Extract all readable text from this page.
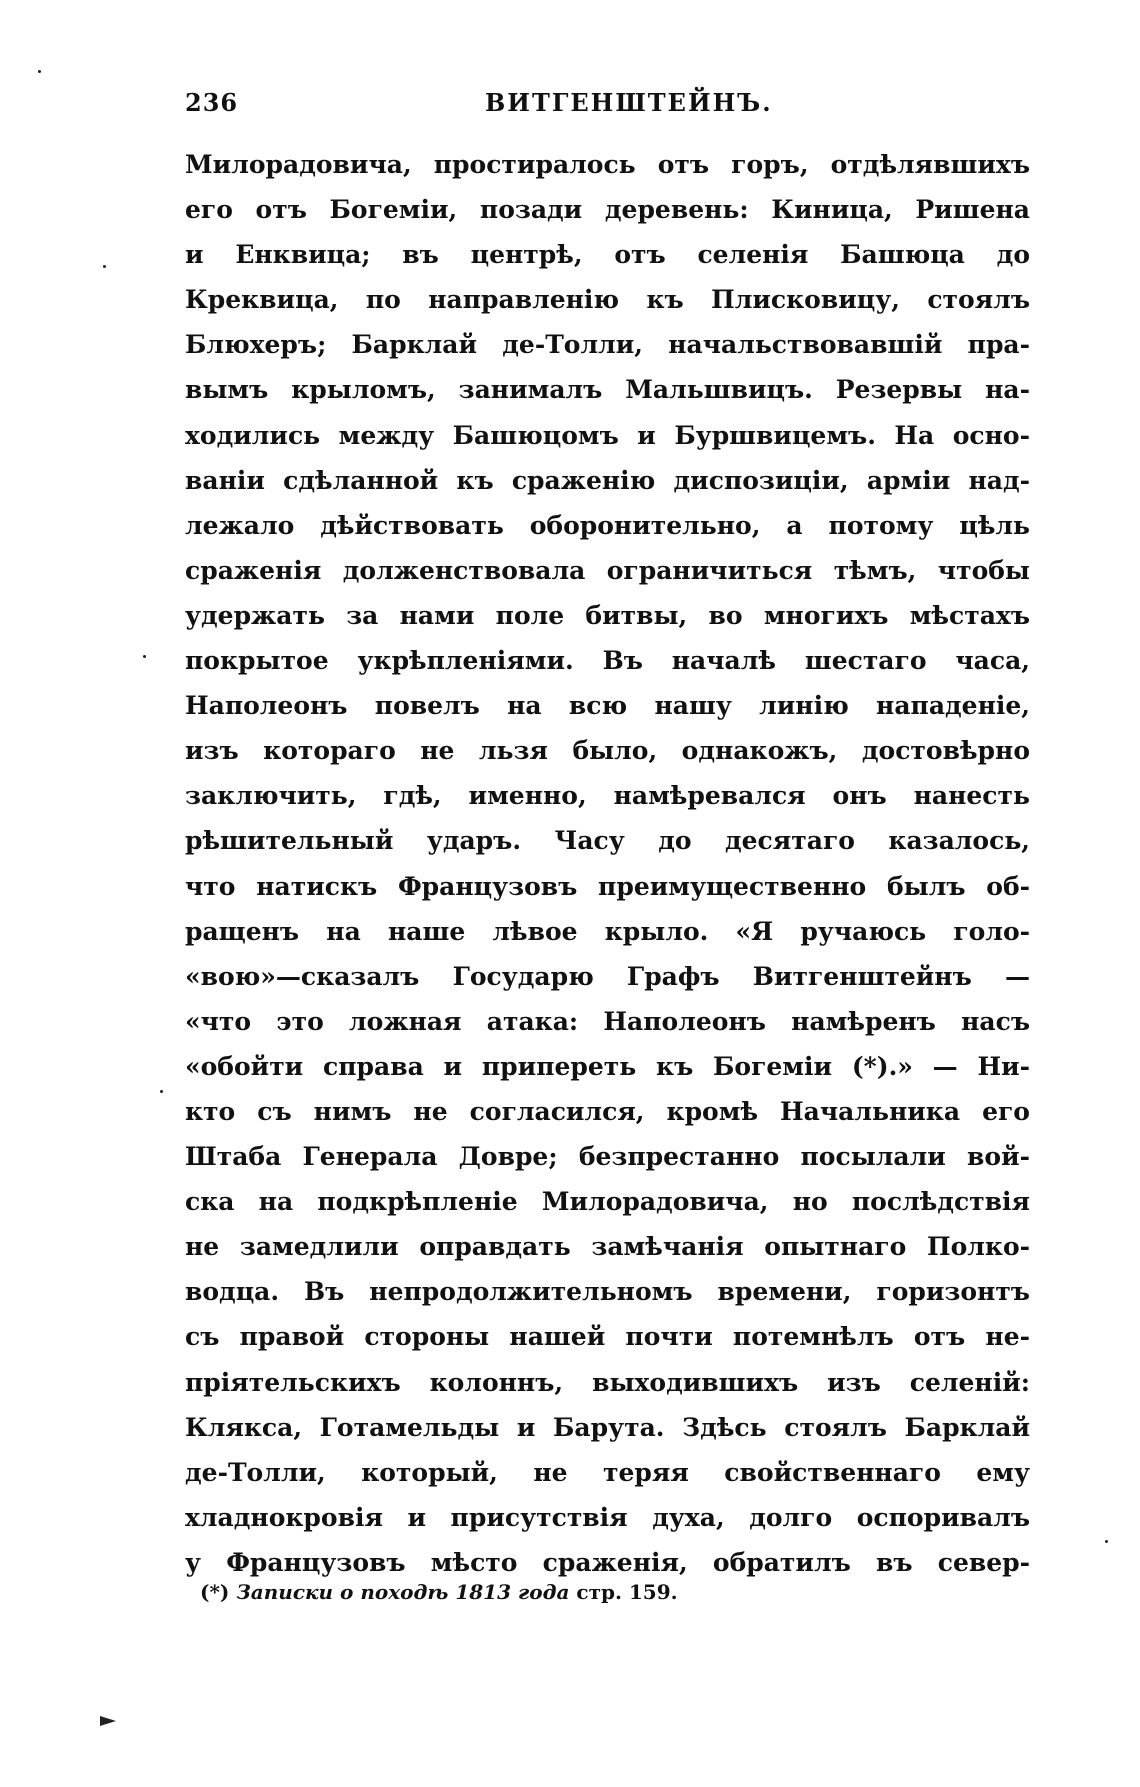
236	ВИТГЕНШТЕЙНЪ.
Милорадовича, простиралось отъ горъ, отдѣлявшихъ
его отъ Богеміи, позади деревень: Киница, Ришена
и Енквица; въ центрѣ, отъ селенія Башюца до
Креквица, по направленію къ Плисковицу, стоялъ
Блюхеръ; Барклай де-Толли, начальствовавшій пра-
вымъ крыломъ, занималъ Мальшвицъ. Резервы на-
ходились между Башюцомъ и Буршвицемъ. На осно-
ваніи сдѣланной къ сраженію диспозиціи, арміи над-
лежало дѣйствовать оборонительно, а потому цѣль
сраженія долженствовала ограничиться тѣмъ, чтобы
удержать за нами поле битвы, во многихъ мѣстахъ
покрытое укрѣпленіями. Въ началѣ шестаго часа,
Наполеонъ повелъ на всю нашу линію нападеніе,
изъ котораго не льзя было, однакожъ, достовѣрно
заключить, гдѣ, именно, намѣревался онъ нанесть
рѣшительный ударъ. Часу до десятаго казалось,
что натискъ Французовъ преимущественно былъ об-
ращенъ на наше лѣвое крыло. «Я ручаюсь голо-
«вою»—сказалъ Государю Графъ Витгенштейнъ —
«что это ложная атака: Наполеонъ намѣренъ насъ
«обойти справа и припереть къ Богеміи (*).» — Ни-
кто съ нимъ не согласился, кромѣ Начальника его
Штаба Генерала Довре; безпрестанно посылали вой-
ска на подкрѣпленіе Милорадовича, но послѣдствія
не замедлили оправдать замѣчанія опытнаго Полко-
водца. Въ непродолжительномъ времени, горизонтъ
съ правой стороны нашей почти потемнѣлъ отъ не-
пріятельскихъ колоннъ, выходившихъ изъ селеній:
Клякса, Готамельды и Барута. Здѣсь стоялъ Барклай
де-Толли, который, не теряя свойственнаго ему
хладнокровія и присутствія духа, долго оспоривалъ
у Французовъ мѣсто сраженія, обратилъ въ север-
(*) Записки о походѣ 1813 года стр. 159.
